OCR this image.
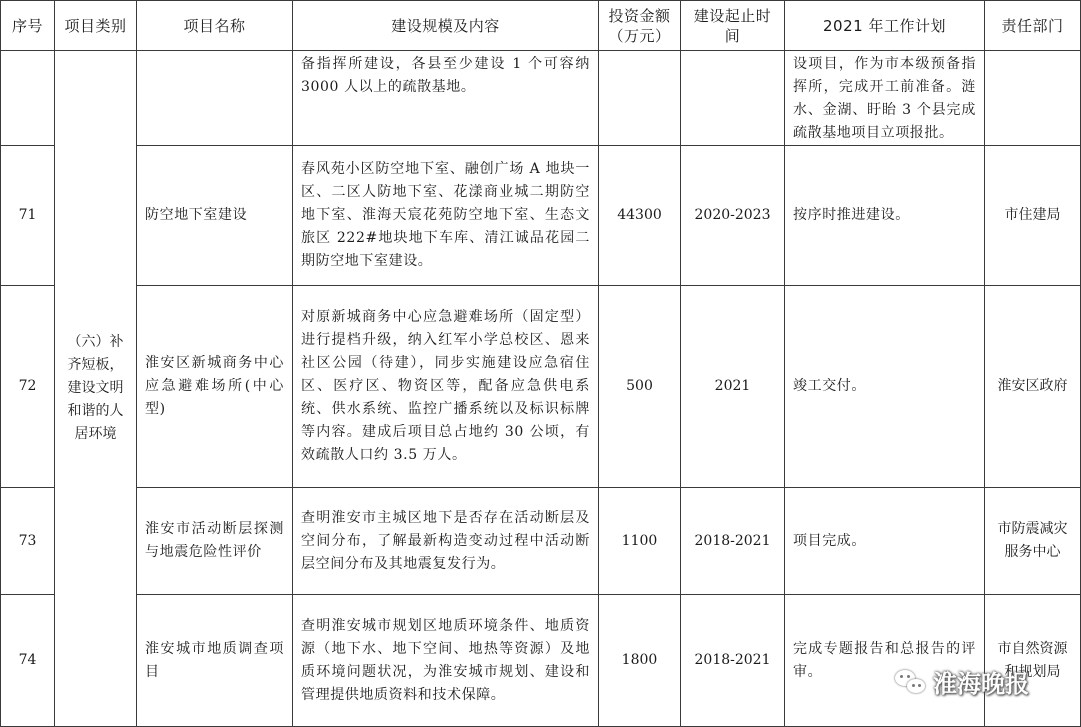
序号	项目类别	项目名称	建设规模及内容	投资金额（万元）	建设起止时　间	2021 年工作计划	责任部门
	（六）补齐短板，建设文明和谐的人居环境		备指挥所建设，各县至少建设 1 个可容纳 3000 人以上的疏散基地。			设项目，作为市本级预备指挥所，完成开工前准备。涟水、金湖、盱眙 3 个县完成疏散基地项目立项报批。	
71		防空地下室建设	春风苑小区防空地下室、融创广场 A 地块一区、二区人防地下室、花漾商业城二期防空地下室、淮海天宸花苑防空地下室、生态文旅区 222#地块地下车库、清江诚品花园二期防空地下室建设。	44300	2020-2023	按序时推进建设。	市住建局
72		淮安区新城商务中心应急避难场所(中心型)	对原新城商务中心应急避难场所（固定型）进行提档升级，纳入红军小学总校区、恩来社区公园（待建），同步实施建设应急宿住区、医疗区、物资区等，配备应急供电系统、供水系统、监控广播系统以及标识标牌等内容。建成后项目总占地约 30 公顷，有效疏散人口约 3.5 万人。	500	2021	竣工交付。	淮安区政府
73		淮安市活动断层探测与地震危险性评价	查明淮安市主城区地下是否存在活动断层及空间分布，了解最新构造变动过程中活动断层空间分布及其地震复发行为。	1100	2018-2021	项目完成。	市防震减灾服务中心
74		淮安城市地质调查项目	查明淮安城市规划区地质环境条件、地质资源（地下水、地下空间、地热等资源）及地质环境问题状况，为淮安城市规划、建设和管理提供地质资料和技术保障。	1800	2018-2021	完成专题报告和总报告的评审。	市自然资源和规划局
淮海晚报
